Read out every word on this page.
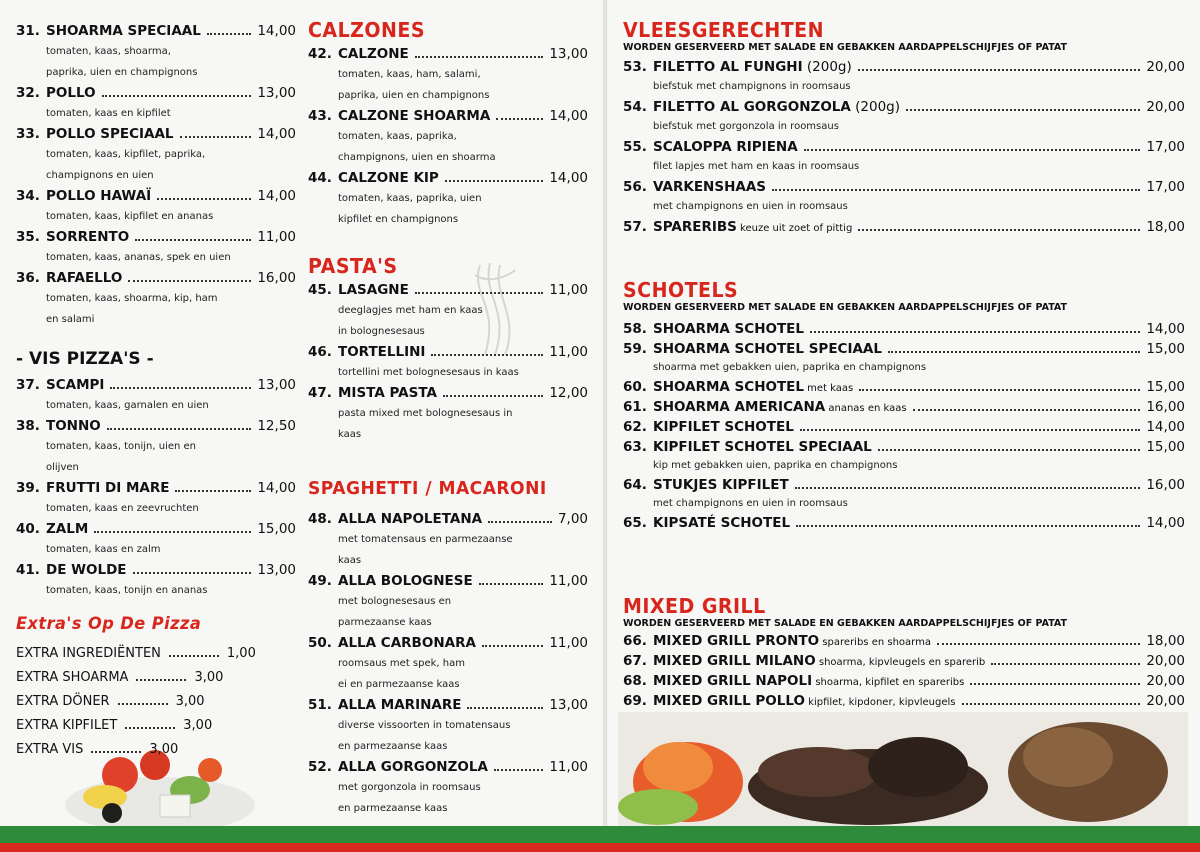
31. SHOARMA SPECIAAL	14,00
tomaten, kaas, shoarma,
paprika, uien en champignons
32. POLLO	13,00
tomaten, kaas en kipfilet
33. POLLO SPECIAAL	14,00
tomaten, kaas, kipfilet, paprika,
champignons en uien
34. POLLO HAWAÏ	14,00
tomaten, kaas, kipfilet en ananas
35. SORRENTO	11,00
tomaten, kaas, ananas, spek en uien
36. RAFAELLO	16,00
tomaten, kaas, shoarma, kip, ham
en salami
- VIS PIZZA'S -
37. SCAMPI	13,00
tomaten, kaas, garnalen en uien
38. TONNO	12,50
tomaten, kaas, tonijn, uien en
olijven
39. FRUTTI DI MARE	14,00
tomaten, kaas en zeevruchten
40. ZALM	15,00
tomaten, kaas en zalm
41. DE WOLDE	13,00
tomaten, kaas, tonijn en ananas
Extra's Op De Pizza
EXTRA INGREDIËNTEN	1,00
EXTRA SHOARMA	3,00
EXTRA DÖNER	3,00
EXTRA KIPFILET	3,00
EXTRA VIS	3,00
CALZONES
42. CALZONE	13,00
tomaten, kaas, ham, salami,
paprika, uien en champignons
43. CALZONE SHOARMA	14,00
tomaten, kaas, paprika,
champignons, uien en shoarma
44. CALZONE KIP	14,00
tomaten, kaas, paprika, uien
kipfilet en champignons
PASTA'S
45. LASAGNE	11,00
deeglagjes met ham en kaas
in bolognesesaus
46. TORTELLINI	11,00
tortellini met bolognesesaus in kaas
47. MISTA PASTA	12,00
pasta mixed met bolognesesaus in
kaas
SPAGHETTI / MACARONI
48. ALLA NAPOLETANA	7,00
met tomatensaus en parmezaanse
kaas
49. ALLA BOLOGNESE	11,00
met bolognesesaus en
parmezaanse kaas
50. ALLA CARBONARA	11,00
roomsaus met spek, ham
ei en parmezaanse kaas
51. ALLA MARINARE	13,00
diverse vissoorten in tomatensaus
en parmezaanse kaas
52. ALLA GORGONZOLA	11,00
met gorgonzola in roomsaus
en parmezaanse kaas
VLEESGERECHTEN
WORDEN GESERVEERD MET SALADE EN GEBAKKEN AARDAPPELSCHIJFJES OF PATAT
53. FILETTO AL FUNGHI (200g)	20,00
biefstuk met champignons in roomsaus
54. FILETTO AL GORGONZOLA (200g)	20,00
biefstuk met gorgonzola in roomsaus
55. SCALOPPA RIPIENA	17,00
filet lapjes met ham en kaas in roomsaus
56. VARKENSHAAS	17,00
met champignons en uien in roomsaus
57. SPARERIBS keuze uit zoet of pittig	18,00
SCHOTELS
WORDEN GESERVEERD MET SALADE EN GEBAKKEN AARDAPPELSCHIJFJES OF PATAT
58. SHOARMA SCHOTEL	14,00
59. SHOARMA SCHOTEL SPECIAAL	15,00
shoarma met gebakken uien, paprika en champignons
60. SHOARMA SCHOTEL met kaas	15,00
61. SHOARMA AMERICANA ananas en kaas	16,00
62. KIPFILET SCHOTEL	14,00
63. KIPFILET SCHOTEL SPECIAAL	15,00
kip met gebakken uien, paprika en champignons
64. STUKJES KIPFILET	16,00
met champignons en uien in roomsaus
65. KIPSATÉ SCHOTEL	14,00
MIXED GRILL
WORDEN GESERVEERD MET SALADE EN GEBAKKEN AARDAPPELSCHIJFJES OF PATAT
66. MIXED GRILL PRONTO spareribs en shoarma	18,00
67. MIXED GRILL MILANO shoarma, kipvleugels en sparerib	20,00
68. MIXED GRILL NAPOLI shoarma, kipfilet en spareribs	20,00
69. MIXED GRILL POLLO kipfilet, kipdoner, kipvleugels	20,00
